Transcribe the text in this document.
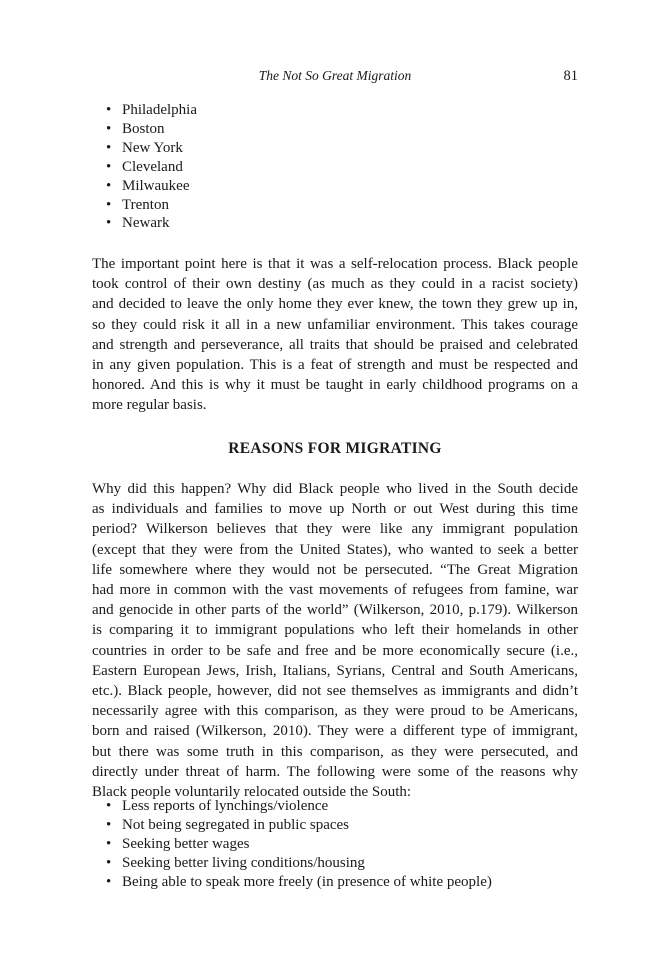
The Not So Great Migration	81
• Philadelphia
• Boston
• New York
• Cleveland
• Milwaukee
• Trenton
• Newark

The important point here is that it was a self-relocation process. Black people
took control of their own destiny (as much as they could in a racist society)
and decided to leave the only home they ever knew, the town they grew up in,
so they could risk it all in a new unfamiliar environment. This takes courage
and strength and perseverance, all traits that should be praised and celebrated
in any given population. This is a feat of strength and must be respected and
honored. And this is why it must be taught in early childhood programs on a
more regular basis.

REASONS FOR MIGRATING

Why did this happen? Why did Black people who lived in the South decide
as individuals and families to move up North or out West during this time
period? Wilkerson believes that they were like any immigrant population
(except that they were from the United States), who wanted to seek a better
life somewhere where they would not be persecuted. “The Great Migration
had more in common with the vast movements of refugees from famine, war
and genocide in other parts of the world” (Wilkerson, 2010, p.179). Wilkerson
is comparing it to immigrant populations who left their homelands in other
countries in order to be safe and free and be more economically secure (i.e.,
Eastern European Jews, Irish, Italians, Syrians, Central and South Americans,
etc.). Black people, however, did not see themselves as immigrants and didn’t
necessarily agree with this comparison, as they were proud to be Americans,
born and raised (Wilkerson, 2010). They were a different type of immigrant,
but there was some truth in this comparison, as they were persecuted, and
directly under threat of harm. The following were some of the reasons why
Black people voluntarily relocated outside the South:

• Less reports of lynchings/violence
• Not being segregated in public spaces
• Seeking better wages
• Seeking better living conditions/housing
• Being able to speak more freely (in presence of white people)
